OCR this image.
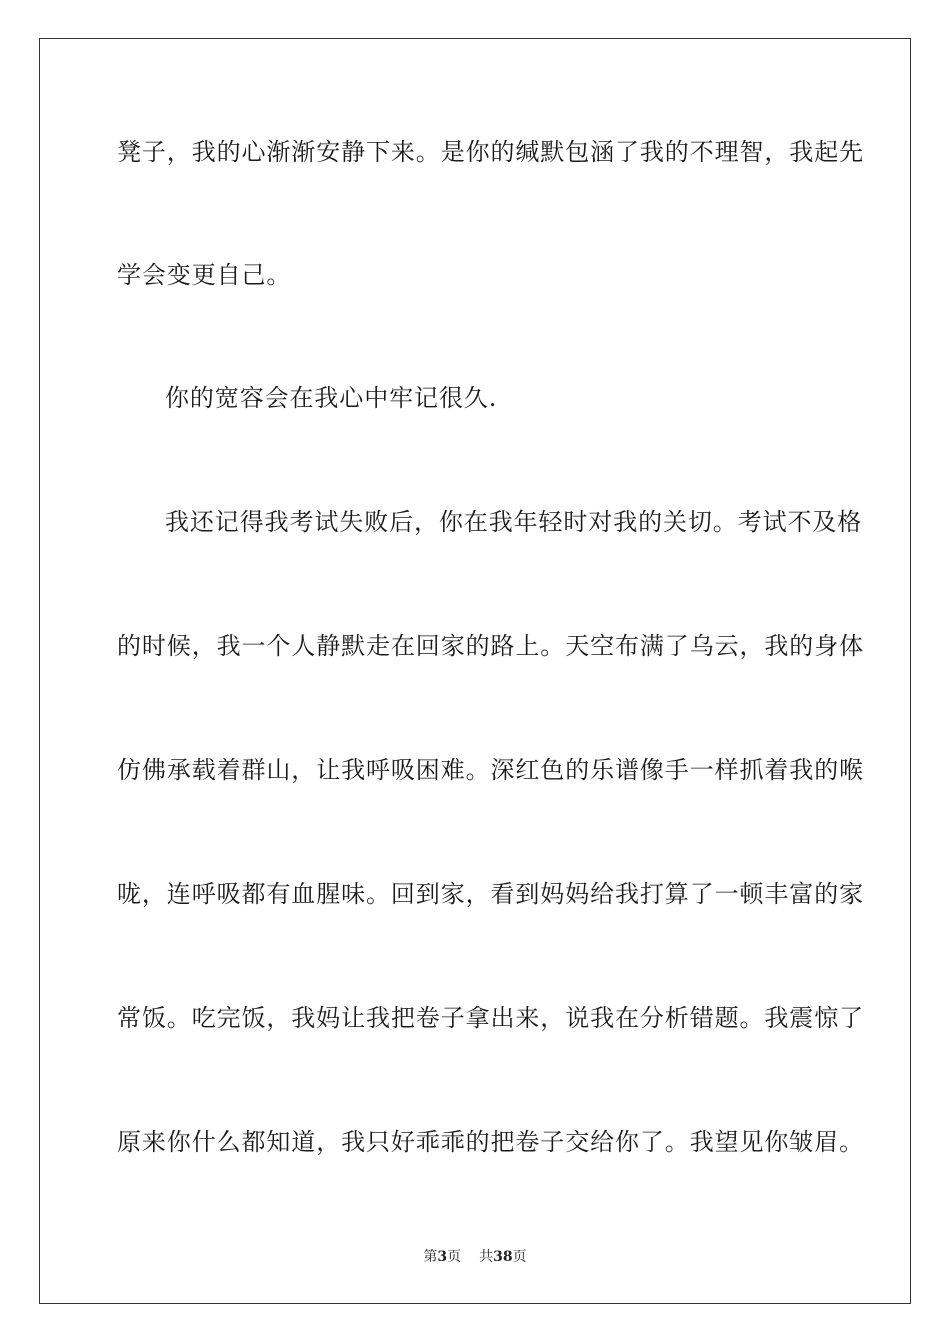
凳子，我的心渐渐安静下来。是你的缄默包涵了我的不理智，我起先
学会变更自己。
你的宽容会在我心中牢记很久.
我还记得我考试失败后，你在我年轻时对我的关切。考试不及格
的时候，我一个人静默走在回家的路上。天空布满了乌云，我的身体
仿佛承载着群山，让我呼吸困难。深红色的乐谱像手一样抓着我的喉
咙，连呼吸都有血腥味。回到家，看到妈妈给我打算了一顿丰富的家
常饭。吃完饭，我妈让我把卷子拿出来，说我在分析错题。我震惊了
原来你什么都知道，我只好乖乖的把卷子交给你了。我望见你皱眉。
第3页 共38页
